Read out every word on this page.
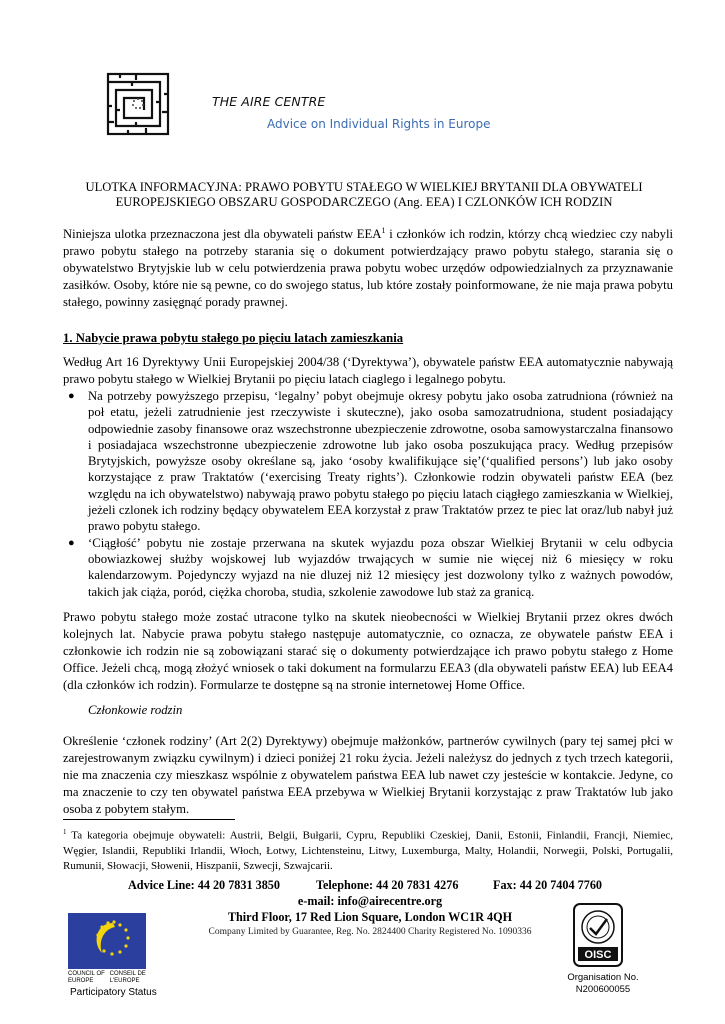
THE AIRE CENTRE
Advice on Individual Rights in Europe
ULOTKA INFORMACYJNA: PRAWO POBYTU STAŁEGO W WIELKIEJ BRYTANII DLA OBYWATELI EUROPEJSKIEGO OBSZARU GOSPODARCZEGO (Ang. EEA) I CZLONKÓW ICH RODZIN

Niniejsza ulotka przeznaczona jest dla obywateli państw EEA$^1$ i członków ich rodzin, którzy chcą wiedziec czy nabyli prawo pobytu stałego na potrzeby starania się o dokument potwierdzający prawo pobytu stałego, starania się o obywatelstwo Brytyjskie lub w celu potwierdzenia prawa pobytu wobec urzędów odpowiedzialnych za przyznawanie zasiłków. Osoby, które nie są pewne, co do swojego status, lub które zostały poinformowane, że nie maja prawa pobytu stałego, powinny zasięgnąć porady prawnej.

1. Nabycie prawa pobytu stałego po pięciu latach zamieszkania

Według Art 16 Dyrektywy Unii Europejskiej 2004/38 (‘Dyrektywa’), obywatele państw EEA automatycznie nabywają prawo pobytu stałego w Wielkiej Brytanii po pięciu latach ciaglego i legalnego pobytu.

● Na potrzeby powyższego przepisu, ‘legalny’ pobyt obejmuje okresy pobytu jako osoba zatrudniona (również na poł etatu, jeżeli zatrudnienie jest rzeczywiste i skuteczne), jako osoba samozatrudniona, student posiadający odpowiednie zasoby finansowe oraz wszechstronne ubezpieczenie zdrowotne, osoba samowystarczalna finansowo i posiadajaca wszechstronne ubezpieczenie zdrowotne lub jako osoba poszukująca pracy. Według przepisów Brytyjskich, powyższe osoby określane są, jako ‘osoby kwalifikujące się’(‘qualified persons’) lub jako osoby korzystające z praw Traktatów (‘exercising Treaty rights’). Członkowie rodzin obywateli państw EEA (bez względu na ich obywatelstwo) nabywają prawo pobytu stałego po pięciu latach ciągłego zamieszkania w Wielkiej, jeżeli czlonek ich rodziny będący obywatelem EEA korzystał z praw Traktatów przez te piec lat oraz/lub nabył już prawo pobytu stałego.
● ‘Ciągłość’ pobytu nie zostaje przerwana na skutek wyjazdu poza obszar Wielkiej Brytanii w celu odbycia obowiazkowej służby wojskowej lub wyjazdów trwających w sumie nie więcej niż 6 miesięcy w roku kalendarzowym. Pojedynczy wyjazd na nie dluzej niż 12 miesięcy jest dozwolony tylko z ważnych powodów, takich jak ciąża, poród, ciężka choroba, studia, szkolenie zawodowe lub staż za granicą.

Prawo pobytu stałego może zostać utracone tylko na skutek nieobecności w Wielkiej Brytanii przez okres dwóch kolejnych lat. Nabycie prawa pobytu stałego następuje automatycznie, co oznacza, ze obywatele państw EEA i członkowie ich rodzin nie są zobowiązani starać się o dokumenty potwierdzające ich prawo pobytu stałego z Home Office. Jeżeli chcą, mogą złożyć wniosek o taki dokument na formularzu EEA3 (dla obywateli państw EEA) lub EEA4 (dla członków ich rodzin). Formularze te dostępne są na stronie internetowej Home Office.

Członkowie rodzin

Określenie ‘członek rodziny’ (Art 2(2) Dyrektywy) obejmuje małżonków, partnerów cywilnych (pary tej samej płci w zarejestrowanym związku cywilnym) i dzieci poniżej 21 roku życia. Jeżeli należysz do jednych z tych trzech kategorii, nie ma znaczenia czy mieszkasz wspólnie z obywatelem państwa EEA lub nawet czy jesteście w kontakcie. Jedyne, co ma znaczenie to czy ten obywatel państwa EEA przebywa w Wielkiej Brytanii korzystając z praw Traktatów lub jako osoba z pobytem stałym.

$^1$ Ta kategoria obejmuje obywateli: Austrii, Belgii, Bułgarii, Cypru, Republiki Czeskiej, Danii, Estonii, Finlandii, Francji, Niemiec, Węgier, Islandii, Republiki Irlandii, Włoch, Łotwy, Lichtensteinu, Litwy, Luxemburga, Malty, Holandii, Norwegii, Polski, Portugalii, Rumunii, Słowacji, Słowenii, Hiszpanii, Szwecji, Szwajcarii.

Advice Line: 44 20 7831 3850	Telephone: 44 20 7831 4276	Fax: 44 20 7404 7760
e-mail: info@airecentre.org
Third Floor, 17 Red Lion Square, London WC1R 4QH
Company Limited by Guarantee, Reg. No. 2824400 Charity Registered No. 1090336
COUNCIL OF EUROPE CONSEIL DE L'EUROPE
Participatory Status
OISC
Organisation No.
N200600055
